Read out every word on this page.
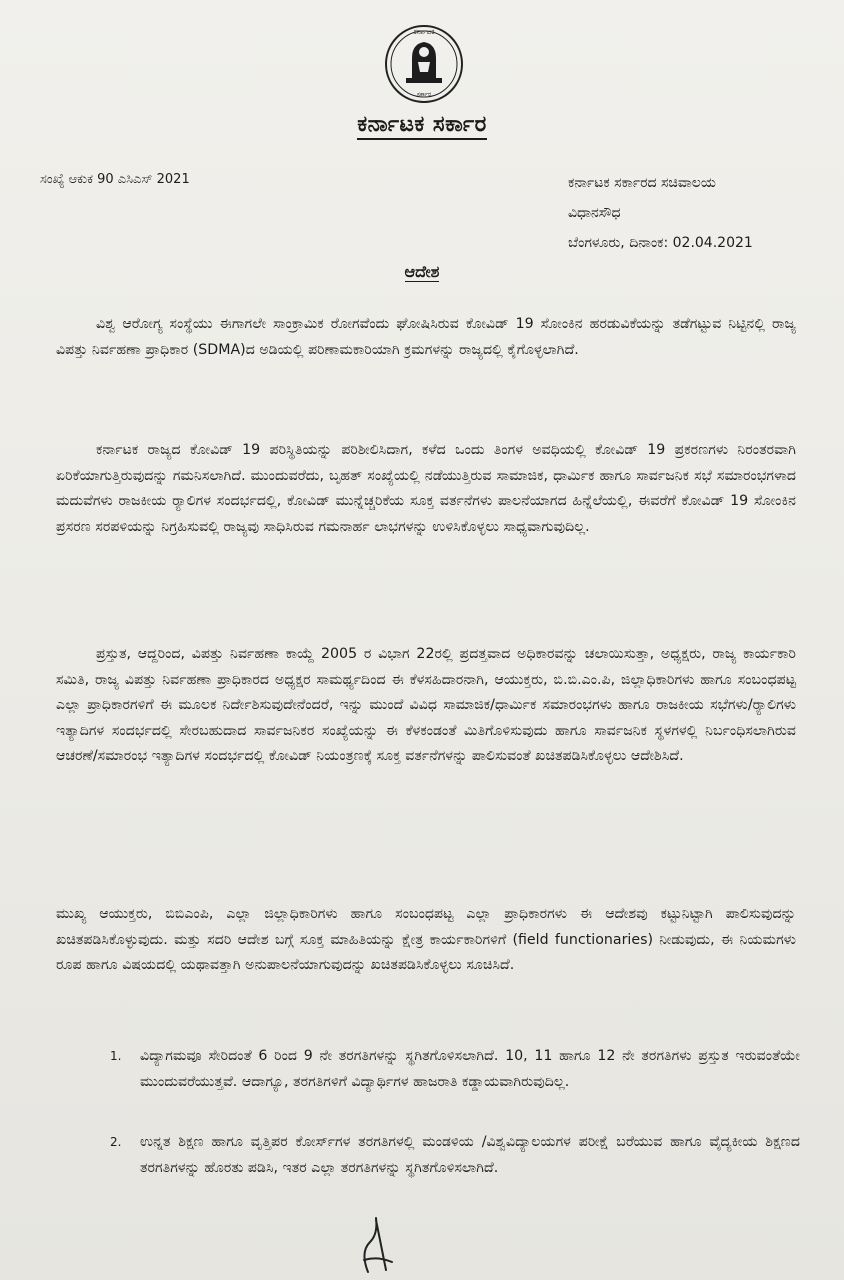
ಕರ್ನಾಟಕ
ಸರ್ಕಾರ
ಕರ್ನಾಟಕ ಸರ್ಕಾರ
ಸಂಖ್ಯೆ ಆಕುಕ 90 ಎಸಿಎಸ್ 2021	ಕರ್ನಾಟಕ ಸರ್ಕಾರದ ಸಚಿವಾಲಯ
ವಿಧಾನಸೌಧ
ಬೆಂಗಳೂರು, ದಿನಾಂಕ: 02.04.2021
ಆದೇಶ

ವಿಶ್ವ ಆರೋಗ್ಯ ಸಂಸ್ಥೆಯು ಈಗಾಗಲೇ ಸಾಂಕ್ರಾಮಿಕ ರೋಗವೆಂದು ಘೋಷಿಸಿರುವ ಕೋವಿಡ್ 19 ಸೋಂಕಿನ ಹರಡುವಿಕೆಯನ್ನು ತಡೆಗಟ್ಟುವ ನಿಟ್ಟಿನಲ್ಲಿ ರಾಜ್ಯ ವಿಪತ್ತು ನಿರ್ವಹಣಾ ಪ್ರಾಧಿಕಾರ (SDMA)ದ ಅಡಿಯಲ್ಲಿ ಪರಿಣಾಮಕಾರಿಯಾಗಿ ಕ್ರಮಗಳನ್ನು ರಾಜ್ಯದಲ್ಲಿ ಕೈಗೊಳ್ಳಲಾಗಿದೆ.

ಕರ್ನಾಟಕ ರಾಜ್ಯದ ಕೋವಿಡ್ 19 ಪರಿಸ್ಥಿತಿಯನ್ನು ಪರಿಶೀಲಿಸಿದಾಗ, ಕಳೆದ ಒಂದು ತಿಂಗಳ ಅವಧಿಯಲ್ಲಿ ಕೋವಿಡ್ 19 ಪ್ರಕರಣಗಳು ನಿರಂತರವಾಗಿ ಏರಿಕೆಯಾಗುತ್ತಿರುವುದನ್ನು ಗಮನಿಸಲಾಗಿದೆ. ಮುಂದುವರೆದು, ಬೃಹತ್ ಸಂಖ್ಯೆಯಲ್ಲಿ ನಡೆಯುತ್ತಿರುವ ಸಾಮಾಜಿಕ, ಧಾರ್ಮಿಕ ಹಾಗೂ ಸಾರ್ವಜನಿಕ ಸಭೆ ಸಮಾರಂಭಗಳಾದ ಮದುವೆಗಳು ರಾಜಕೀಯ ರ‍್ಯಾಲಿಗಳ ಸಂದರ್ಭದಲ್ಲಿ, ಕೋವಿಡ್ ಮುನ್ನೆಚ್ಚರಿಕೆಯ ಸೂಕ್ತ ವರ್ತನೆಗಳು ಪಾಲನೆಯಾಗದ ಹಿನ್ನೆಲೆಯಲ್ಲಿ, ಈವರೆಗೆ ಕೋವಿಡ್ 19 ಸೋಂಕಿನ ಪ್ರಸರಣ ಸರಪಳಿಯನ್ನು ನಿಗ್ರಹಿಸುವಲ್ಲಿ ರಾಜ್ಯವು ಸಾಧಿಸಿರುವ ಗಮನಾರ್ಹ ಲಾಭಗಳನ್ನು ಉಳಿಸಿಕೊಳ್ಳಲು ಸಾಧ್ಯವಾಗುವುದಿಲ್ಲ.

ಪ್ರಸ್ತುತ, ಆದ್ದರಿಂದ, ವಿಪತ್ತು ನಿರ್ವಹಣಾ ಕಾಯ್ದೆ 2005 ರ ವಿಭಾಗ 22ರಲ್ಲಿ ಪ್ರದತ್ತವಾದ ಅಧಿಕಾರವನ್ನು ಚಲಾಯಿಸುತ್ತಾ, ಅಧ್ಯಕ್ಷರು, ರಾಜ್ಯ ಕಾರ್ಯಕಾರಿ ಸಮಿತಿ, ರಾಜ್ಯ ವಿಪತ್ತು ನಿರ್ವಹಣಾ ಪ್ರಾಧಿಕಾರದ ಅಧ್ಯಕ್ಷರ ಸಾಮರ್ಥ್ಯದಿಂದ ಈ ಕೆಳಸಹಿದಾರನಾಗಿ, ಆಯುಕ್ತರು, ಬಿ.ಬಿ.ಎಂ.ಪಿ, ಜಿಲ್ಲಾಧಿಕಾರಿಗಳು ಹಾಗೂ ಸಂಬಂಧಪಟ್ಟ ಎಲ್ಲಾ ಪ್ರಾಧಿಕಾರಗಳಿಗೆ ಈ ಮೂಲಕ ನಿರ್ದೇಶಿಸುವುದೇನೆಂದರೆ, ಇನ್ನು ಮುಂದೆ ವಿವಿಧ ಸಾಮಾಜಿಕ/ಧಾರ್ಮಿಕ ಸಮಾರಂಭಗಳು ಹಾಗೂ ರಾಜಕೀಯ ಸಭೆಗಳು/ರ‍್ಯಾಲಿಗಳು ಇತ್ಯಾದಿಗಳ ಸಂದರ್ಭದಲ್ಲಿ ಸೇರಬಹುದಾದ ಸಾರ್ವಜನಿಕರ ಸಂಖ್ಯೆಯನ್ನು ಈ ಕೆಳಕಂಡಂತೆ ಮಿತಿಗೊಳಿಸುವುದು ಹಾಗೂ ಸಾರ್ವಜನಿಕ ಸ್ಥಳಗಳಲ್ಲಿ ನಿರ್ಬಂಧಿಸಲಾಗಿರುವ ಆಚರಣೆ/ಸಮಾರಂಭ ಇತ್ಯಾದಿಗಳ ಸಂದರ್ಭದಲ್ಲಿ ಕೋವಿಡ್ ನಿಯಂತ್ರಣಕ್ಕೆ ಸೂಕ್ತ ವರ್ತನೆಗಳನ್ನು ಪಾಲಿಸುವಂತೆ ಖಚಿತಪಡಿಸಿಕೊಳ್ಳಲು ಆದೇಶಿಸಿದೆ.

ಮುಖ್ಯ ಆಯುಕ್ತರು, ಬಿಬಿಎಂಪಿ, ಎಲ್ಲಾ ಜಿಲ್ಲಾಧಿಕಾರಿಗಳು ಹಾಗೂ ಸಂಬಂಧಪಟ್ಟ ಎಲ್ಲಾ ಪ್ರಾಧಿಕಾರಗಳು ಈ ಆದೇಶವು ಕಟ್ಟುನಿಟ್ಟಾಗಿ ಪಾಲಿಸುವುದನ್ನು ಖಚಿತಪಡಿಸಿಕೊಳ್ಳುವುದು. ಮತ್ತು ಸದರಿ ಆದೇಶ ಬಗ್ಗೆ ಸೂಕ್ತ ಮಾಹಿತಿಯನ್ನು ಕ್ಷೇತ್ರ ಕಾರ್ಯಕಾರಿಗಳಿಗೆ (field functionaries) ನೀಡುವುದು, ಈ ನಿಯಮಗಳು ರೂಪ ಹಾಗೂ ವಿಷಯದಲ್ಲಿ ಯಥಾವತ್ತಾಗಿ ಅನುಪಾಲನೆಯಾಗುವುದನ್ನು ಖಚಿತಪಡಿಸಿಕೊಳ್ಳಲು ಸೂಚಿಸಿದೆ.

1. ವಿದ್ಯಾಗಮವೂ ಸೇರಿದಂತೆ 6 ರಿಂದ 9 ನೇ ತರಗತಿಗಳನ್ನು ಸ್ಥಗಿತಗೊಳಿಸಲಾಗಿದೆ. 10, 11 ಹಾಗೂ 12 ನೇ ತರಗತಿಗಳು ಪ್ರಸ್ತುತ ಇರುವಂತೆಯೇ ಮುಂದುವರೆಯುತ್ತವೆ. ಆದಾಗ್ಯೂ, ತರಗತಿಗಳಿಗೆ ವಿದ್ಯಾರ್ಥಿಗಳ ಹಾಜರಾತಿ ಕಡ್ಡಾಯವಾಗಿರುವುದಿಲ್ಲ.
2. ಉನ್ನತ ಶಿಕ್ಷಣ ಹಾಗೂ ವೃತ್ತಿಪರ ಕೋರ್ಸ್‌ಗಳ ತರಗತಿಗಳಲ್ಲಿ ಮಂಡಳಿಯ /ವಿಶ್ವವಿದ್ಯಾಲಯಗಳ ಪರೀಕ್ಷೆ ಬರೆಯುವ ಹಾಗೂ ವೈದ್ಯಕೀಯ ಶಿಕ್ಷಣದ ತರಗತಿಗಳನ್ನು ಹೊರತು ಪಡಿಸಿ, ಇತರ ಎಲ್ಲಾ ತರಗತಿಗಳನ್ನು ಸ್ಥಗಿತಗೊಳಿಸಲಾಗಿದೆ.
